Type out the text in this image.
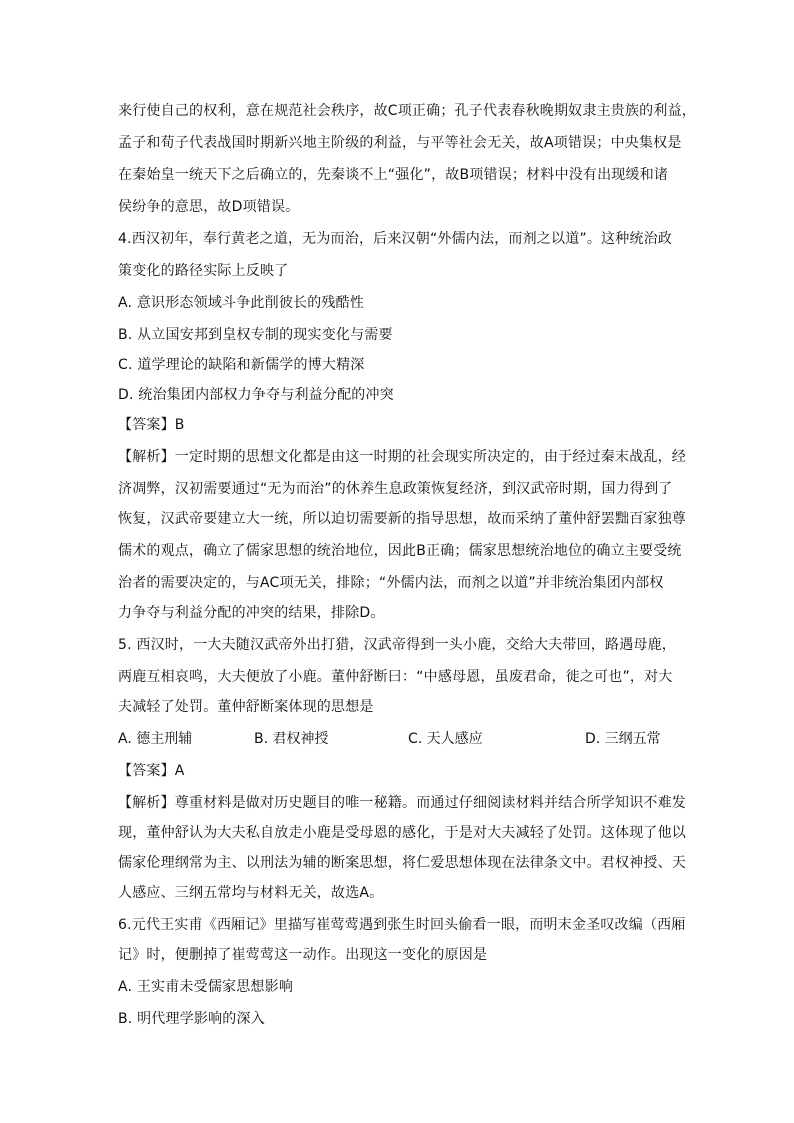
来行使自己的权利，意在规范社会秩序，故C项正确；孔子代表春秋晚期奴隶主贵族的利益，
孟子和荀子代表战国时期新兴地主阶级的利益，与平等社会无关，故A项错误；中央集权是
在秦始皇一统天下之后确立的，先秦谈不上“强化”，故B项错误；材料中没有出现缓和诸
侯纷争的意思，故D项错误。
4.西汉初年，奉行黄老之道，无为而治，后来汉朝“外儒内法，而剂之以道”。这种统治政
策变化的路径实际上反映了
A. 意识形态领域斗争此削彼长的残酷性
B. 从立国安邦到皇权专制的现实变化与需要
C. 道学理论的缺陷和新儒学的博大精深
D. 统治集团内部权力争夺与利益分配的冲突
【答案】B
【解析】一定时期的思想文化都是由这一时期的社会现实所决定的，由于经过秦末战乱，经
济凋弊，汉初需要通过“无为而治”的休养生息政策恢复经济，到汉武帝时期，国力得到了
恢复，汉武帝要建立大一统，所以迫切需要新的指导思想，故而采纳了董仲舒罢黜百家独尊
儒术的观点，确立了儒家思想的统治地位，因此B正确；儒家思想统治地位的确立主要受统
治者的需要决定的，与AC项无关，排除；“外儒内法，而剂之以道”并非统治集团内部权
力争夺与利益分配的冲突的结果，排除D。
5. 西汉时，一大夫随汉武帝外出打猎，汉武帝得到一头小鹿，交给大夫带回，路遇母鹿，
两鹿互相哀鸣，大夫便放了小鹿。董仲舒断曰：“中感母恩，虽废君命，徙之可也”，对大
夫减轻了处罚。董仲舒断案体现的思想是
A. 德主刑辅	B. 君权神授	C. 天人感应	D. 三纲五常
【答案】A
【解析】尊重材料是做对历史题目的唯一秘籍。而通过仔细阅读材料并结合所学知识不难发
现，董仲舒认为大夫私自放走小鹿是受母恩的感化，于是对大夫减轻了处罚。这体现了他以
儒家伦理纲常为主、以刑法为辅的断案思想，将仁爱思想体现在法律条文中。君权神授、天
人感应、三纲五常均与材料无关，故选A。
6.元代王实甫《西厢记》里描写崔莺莺遇到张生时回头偷看一眼，而明末金圣叹改编（西厢
记》时，便删掉了崔莺莺这一动作。出现这一变化的原因是
A. 王实甫未受儒家思想影响
B. 明代理学影响的深入
